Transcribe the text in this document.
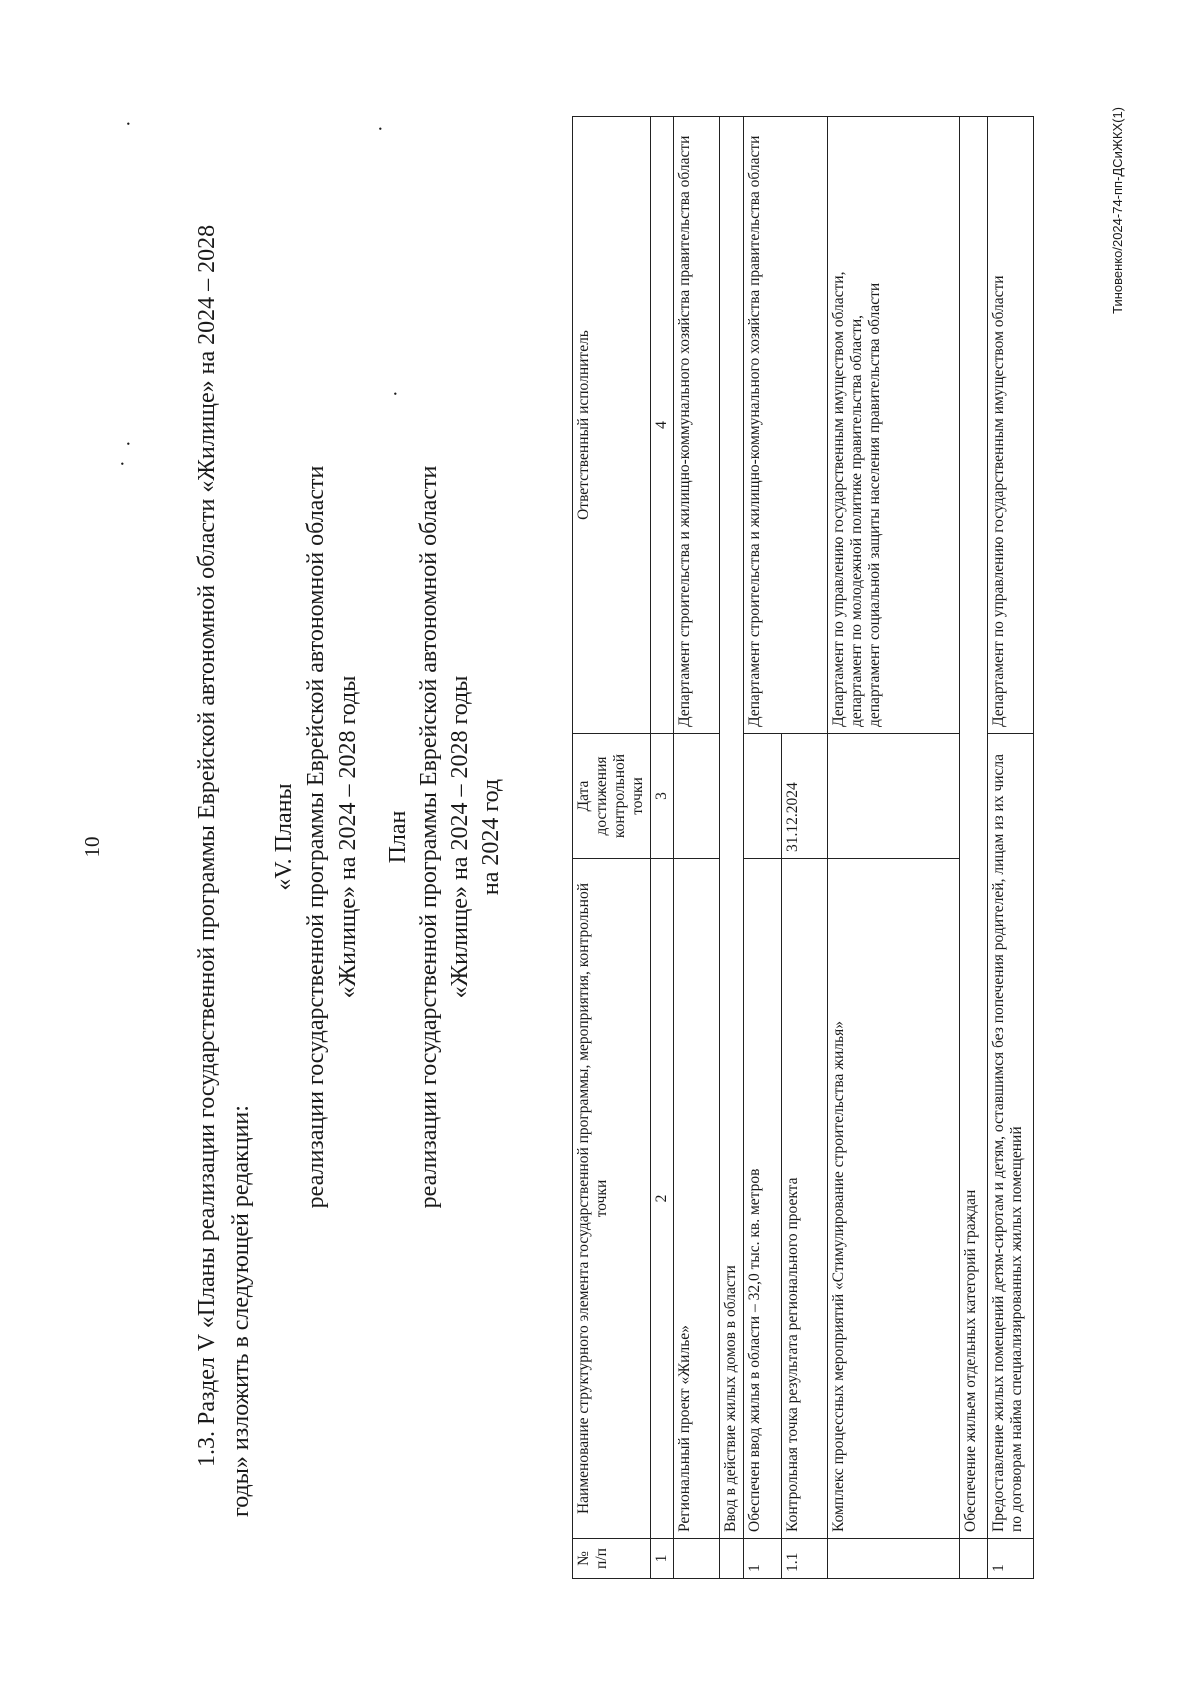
10	1.3. Раздел V «Планы реализации государственной программы Еврейской автономной области «Жилище» на 2024 – 2028 годы» изложить в следующей редакции:
«V. Планы реализации государственной программы Еврейской автономной области «Жилище» на 2024 – 2028 годы План реализации государственной программы Еврейской автономной области «Жилище» на 2024 – 2028 годы на 2024 год
№ п/п	Наименование структурного элемента государственной программы, мероприятия, контрольной точки	Дата достижения контрольной точки	Ответственный исполнитель
1	2	3	4
	Региональный проект «Жилье»		Департамент строительства и жилищно-коммунального хозяйства правительства области
	Ввод в действие жилых домов в области		
1	Обеспечен ввод жилья в области – 32,0 тыс. кв. метров		Департамент строительства и жилищно-коммунального хозяйства правительства области
1.1	Контрольная точка результата регионального проекта	31.12.2024	
	Комплекс процессных мероприятий «Стимулирование строительства жилья»		Департамент по управлению государственным имуществом области, департамент по молодежной политике правительства области, департамент социальной защиты населения правительства области

	Обеспечение жильем отдельных категорий граждан		
1	Предоставление жилых помещений детям-сиротам и детям, оставшимся без попечения родителей, лицам из их числа по договорам найма специализированных жилых помещений		Департамент по управлению государственным имуществом области
Тиновенко/2024-74-пп-ДСиЖКХ(1)
·
·
·
·
·
